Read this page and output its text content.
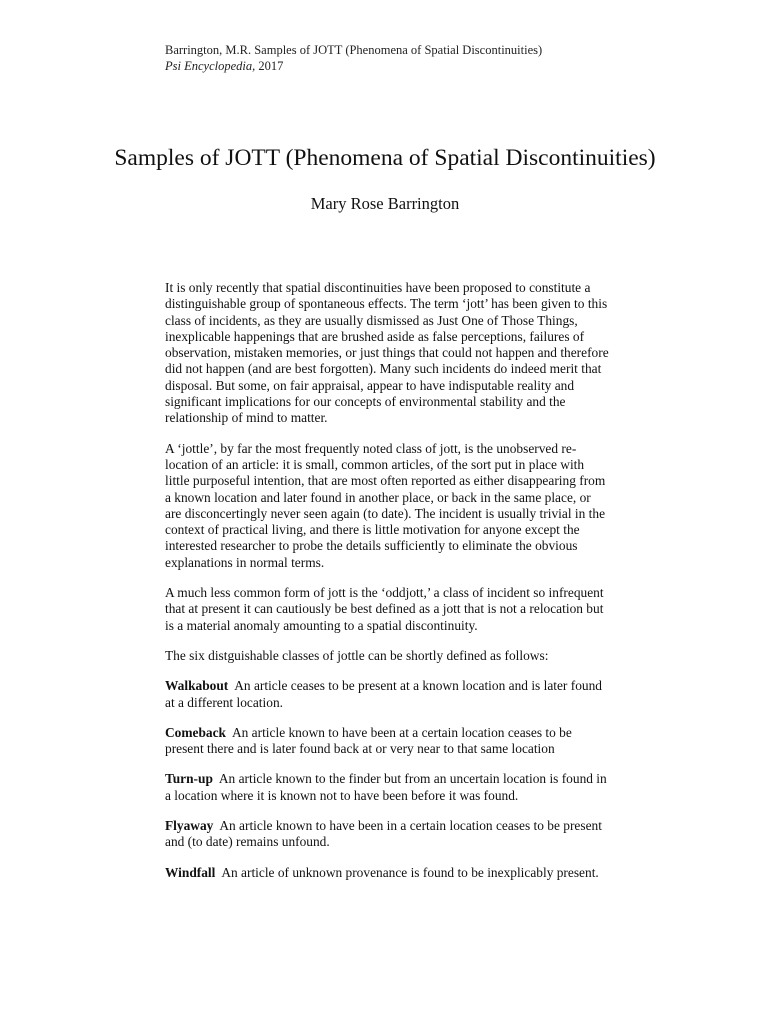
Barrington, M.R. Samples of JOTT (Phenomena of Spatial Discontinuities)
Psi Encyclopedia, 2017
Samples of JOTT (Phenomena of Spatial Discontinuities)
Mary Rose Barrington

It is only recently that spatial discontinuities have been proposed to constitute a distinguishable group of spontaneous effects. The term ‘jott’ has been given to this class of incidents, as they are usually dismissed as Just One of Those Things, inexplicable happenings that are brushed aside as false perceptions, failures of observation, mistaken memories, or just things that could not happen and therefore did not happen (and are best forgotten). Many such incidents do indeed merit that disposal. But some, on fair appraisal, appear to have indisputable reality and significant implications for our concepts of environmental stability and the relationship of mind to matter.

A ‘jottle’, by far the most frequently noted class of jott, is the unobserved re-location of an article: it is small, common articles, of the sort put in place with little purposeful intention, that are most often reported as either disappearing from a known location and later found in another place, or back in the same place, or are disconcertingly never seen again (to date). The incident is usually trivial in the context of practical living, and there is little motivation for anyone except the interested researcher to probe the details sufficiently to eliminate the obvious explanations in normal terms.

A much less common form of jott is the ‘oddjott,’ a class of incident so infrequent that at present it can cautiously be best defined as a jott that is not a relocation but is a material anomaly amounting to a spatial discontinuity.

The six distguishable classes of jottle can be shortly defined as follows:

Walkabout An article ceases to be present at a known location and is later found at a different location.

Comeback An article known to have been at a certain location ceases to be present there and is later found back at or very near to that same location

Turn-up An article known to the finder but from an uncertain location is found in a location where it is known not to have been before it was found.

Flyaway An article known to have been in a certain location ceases to be present and (to date) remains unfound.

Windfall An article of unknown provenance is found to be inexplicably present.
